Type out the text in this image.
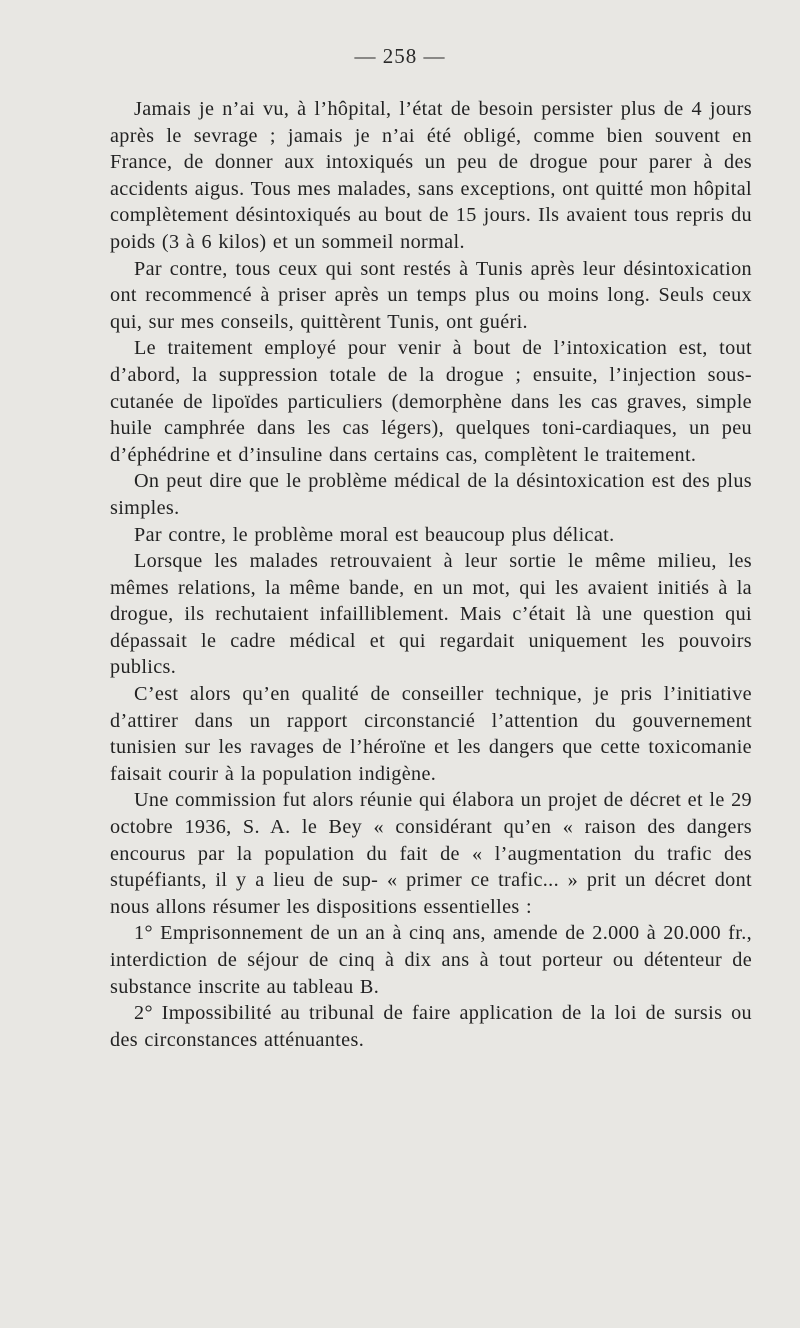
— 258 —

Jamais je n’ai vu, à l’hôpital, l’état de besoin persister plus de 4 jours après le sevrage ; jamais je n’ai été obligé, comme bien souvent en France, de donner aux intoxiqués un peu de drogue pour parer à des accidents aigus. Tous mes malades, sans exceptions, ont quitté mon hôpital complètement désintoxiqués au bout de 15 jours. Ils avaient tous repris du poids (3 à 6 kilos) et un sommeil normal.

Par contre, tous ceux qui sont restés à Tunis après leur désintoxication ont recommencé à priser après un temps plus ou moins long. Seuls ceux qui, sur mes conseils, quittèrent Tunis, ont guéri.

Le traitement employé pour venir à bout de l’intoxication est, tout d’abord, la suppression totale de la drogue ; ensuite, l’injection sous-cutanée de lipoïdes particuliers (demorphène dans les cas graves, simple huile camphrée dans les cas légers), quelques toni-cardiaques, un peu d’éphédrine et d’insuline dans certains cas, complètent le traitement.

On peut dire que le problème médical de la désintoxication est des plus simples.

Par contre, le problème moral est beaucoup plus délicat.

Lorsque les malades retrouvaient à leur sortie le même milieu, les mêmes relations, la même bande, en un mot, qui les avaient initiés à la drogue, ils rechutaient infailliblement. Mais c’était là une question qui dépassait le cadre médical et qui regardait uniquement les pouvoirs publics.

C’est alors qu’en qualité de conseiller technique, je pris l’initiative d’attirer dans un rapport circonstancié l’attention du gouvernement tunisien sur les ravages de l’héroïne et les dangers que cette toxicomanie faisait courir à la population indigène.

Une commission fut alors réunie qui élabora un projet de décret et le 29 octobre 1936, S. A. le Bey « considérant qu’en « raison des dangers encourus par la population du fait de « l’augmentation du trafic des stupéfiants, il y a lieu de sup- « primer ce trafic... » prit un décret dont nous allons résumer les dispositions essentielles :

1° Emprisonnement de un an à cinq ans, amende de 2.000 à 20.000 fr., interdiction de séjour de cinq à dix ans à tout porteur ou détenteur de substance inscrite au tableau B.

2° Impossibilité au tribunal de faire application de la loi de sursis ou des circonstances atténuantes.
